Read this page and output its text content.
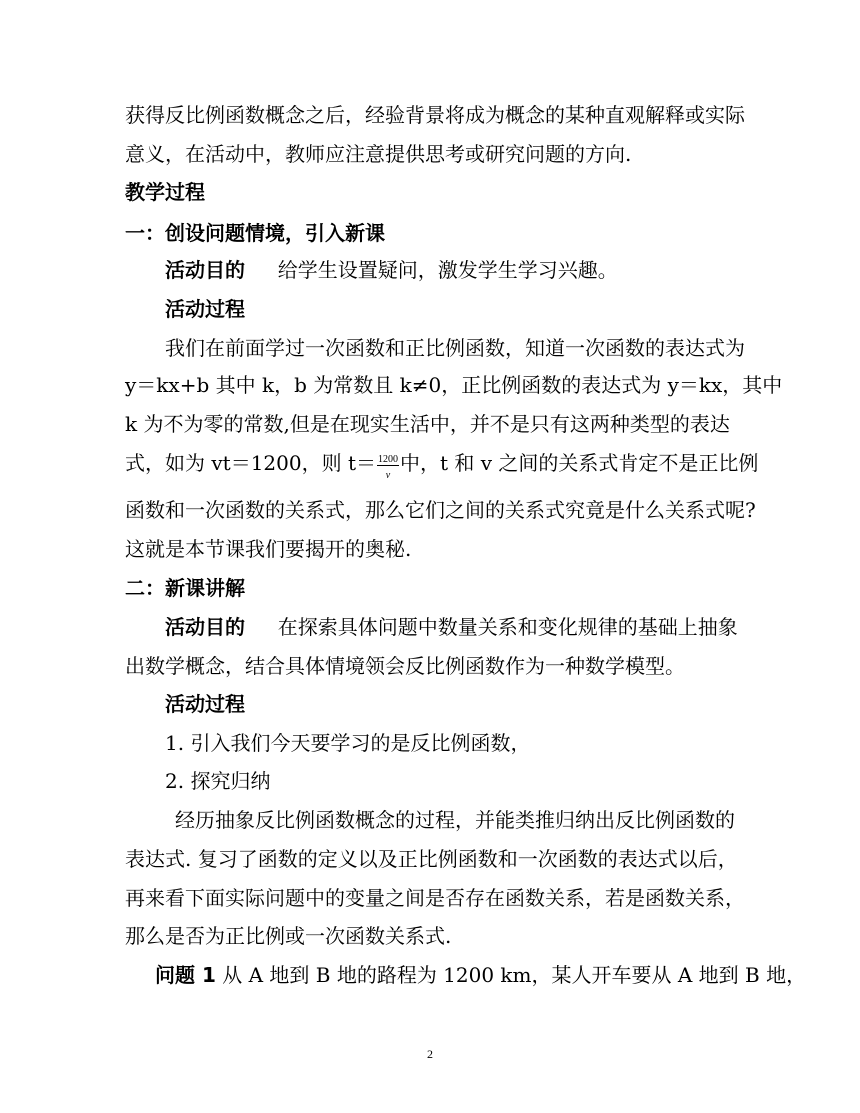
获得反比例函数概念之后，经验背景将成为概念的某种直观解释或实际
意义，在活动中，教师应注意提供思考或研究问题的方向.
教学过程
一：创设问题情境，引入新课
活动目的 给学生设置疑问，激发学生学习兴趣。
活动过程
我们在前面学过一次函数和正比例函数，知道一次函数的表达式为
y＝kx+b 其中 k，b 为常数且 k≠0，正比例函数的表达式为 y＝kx，其中
k 为不为零的常数,但是在现实生活中，并不是只有这两种类型的表达
式，如为 vt＝1200，则 $t= \frac{1200}{v}$ 中，t 和 v 之间的关系式肯定不是正比例
函数和一次函数的关系式，那么它们之间的关系式究竟是什么关系式呢?
这就是本节课我们要揭开的奥秘.
二：新课讲解
活动目的 在探索具体问题中数量关系和变化规律的基础上抽象
出数学概念，结合具体情境领会反比例函数作为一种数学模型。
活动过程
1. 引入我们今天要学习的是反比例函数，
2. 探究归纳
经历抽象反比例函数概念的过程，并能类推归纳出反比例函数的
表达式. 复习了函数的定义以及正比例函数和一次函数的表达式以后，
再来看下面实际问题中的变量之间是否存在函数关系，若是函数关系，
那么是否为正比例或一次函数关系式.
问题 1 从 A 地到 B 地的路程为 1200 km，某人开车要从 A 地到 B 地，
2
